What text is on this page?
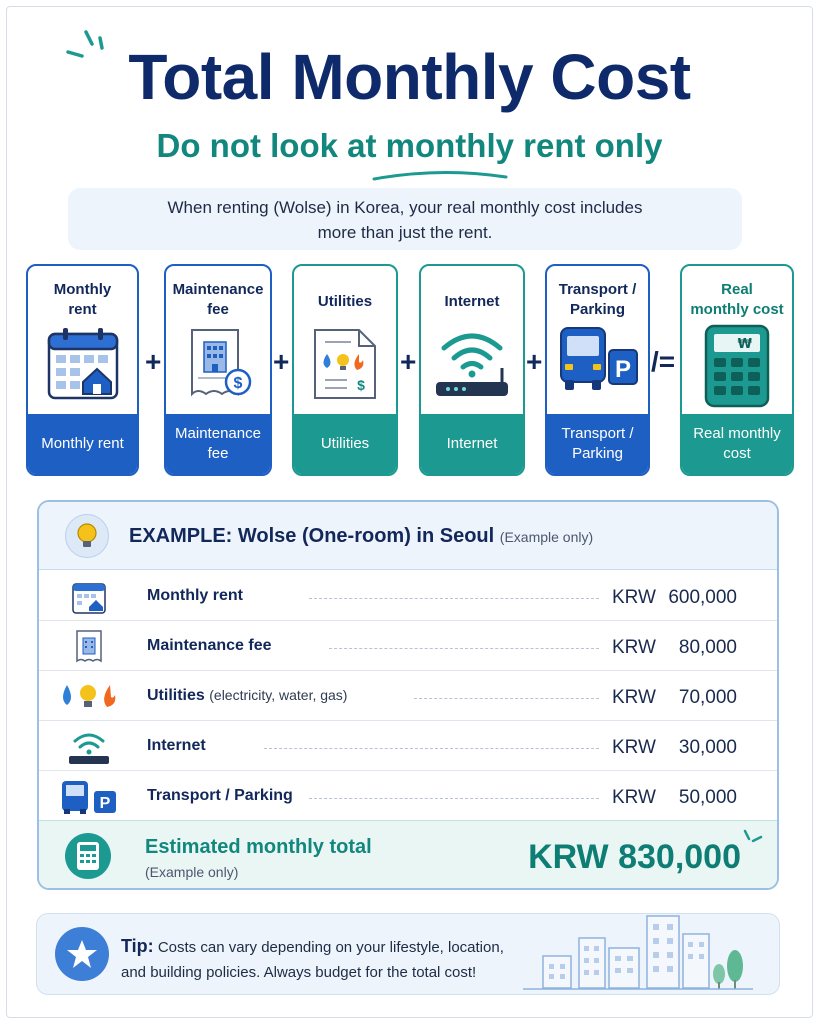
Total Monthly Cost
Do not look at monthly rent only
When renting (Wolse) in Korea, your real monthly cost includes
more than just the rent.
Monthly
rent
Monthly rent
+
Maintenance
fee
$
Maintenance
fee
+
Utilities
$
Utilities
+
Internet
Internet
+
Transport /
Parking
P
Transport /
Parking
/=
Real
monthly cost
₩
Real monthly
cost
EXAMPLE: Wolse (One-room) in Seoul (Example only)
Monthly rent	KRW 600,000
Maintenance fee	KRW 80,000
Utilities (electricity, water, gas)	KRW 70,000
Internet	KRW 30,000
P Transport / Parking	KRW 50,000
Estimated monthly total
(Example only)	KRW 830,000
Tip: Costs can vary depending on your lifestyle, location,
and building policies. Always budget for the total cost!
